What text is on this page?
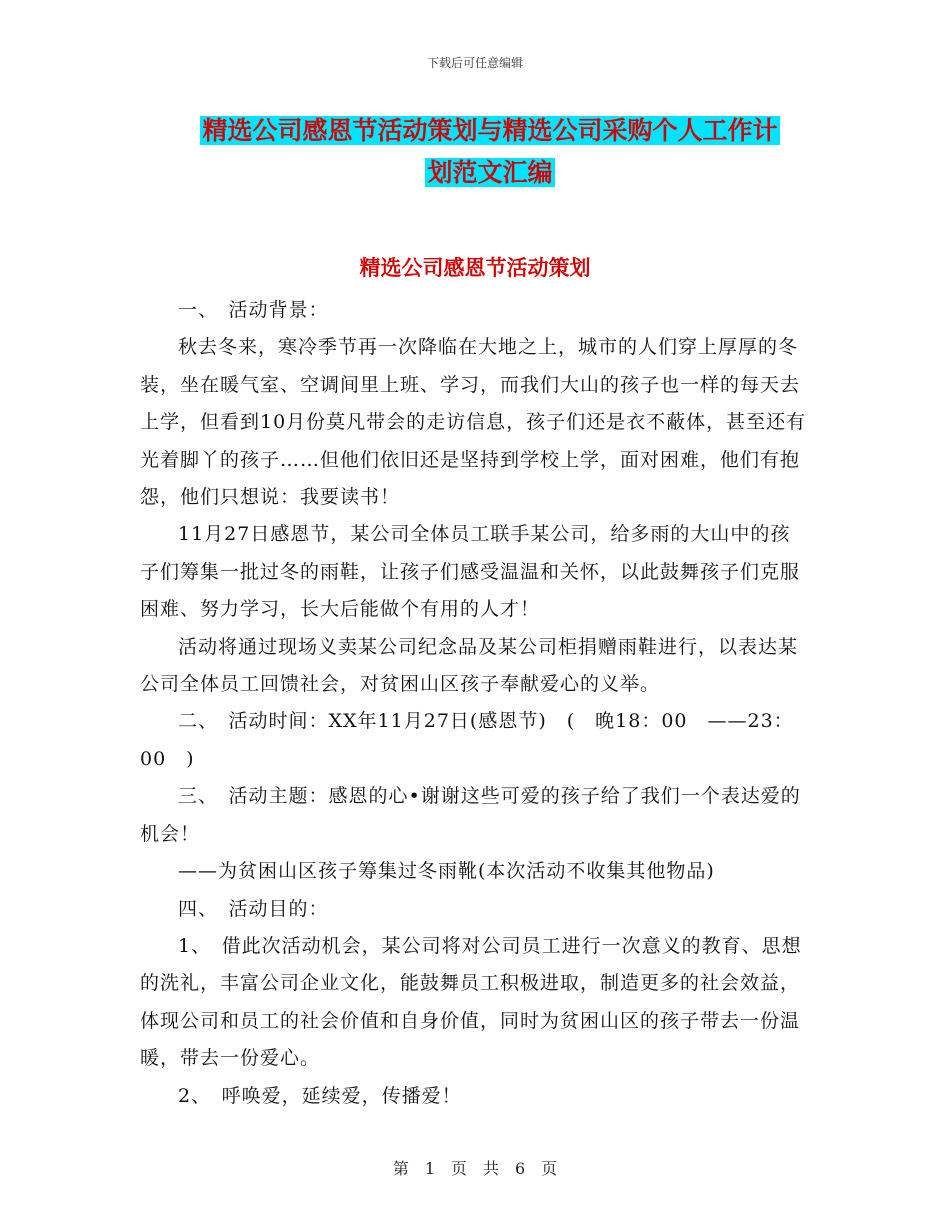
下载后可任意编辑
精选公司感恩节活动策划与精选公司采购个人工作计
划范文汇编
精选公司感恩节活动策划

一、　活动背景：

秋去冬来，寒冷季节再一次降临在大地之上，城市的人们穿上厚厚的冬装，坐在暖气室、空调间里上班、学习，而我们大山的孩子也一样的每天去上学，但看到10月份莫凡带会的走访信息，孩子们还是衣不蔽体，甚至还有光着脚丫的孩子……但他们依旧还是坚持到学校上学，面对困难，他们有抱怨，他们只想说：我要读书！

11月27日感恩节，某公司全体员工联手某公司，给多雨的大山中的孩子们筹集一批过冬的雨鞋，让孩子们感受温温和关怀，以此鼓舞孩子们克服困难、努力学习，长大后能做个有用的人才！

活动将通过现场义卖某公司纪念品及某公司柜捐赠雨鞋进行，以表达某公司全体员工回馈社会，对贫困山区孩子奉献爱心的义举。

二、　活动时间：XX年11月27日(感恩节)　(　晚18：00　——23：00　)

三、　活动主题：感恩的心•谢谢这些可爱的孩子给了我们一个表达爱的机会！

——为贫困山区孩子筹集过冬雨靴(本次活动不收集其他物品)

四、　活动目的：

1、　借此次活动机会，某公司将对公司员工进行一次意义的教育、思想的洗礼，丰富公司企业文化，能鼓舞员工积极进取，制造更多的社会效益，体现公司和员工的社会价值和自身价值，同时为贫困山区的孩子带去一份温暖，带去一份爱心。

2、　呼唤爱，延续爱，传播爱！

第　1　页　共　6　页
